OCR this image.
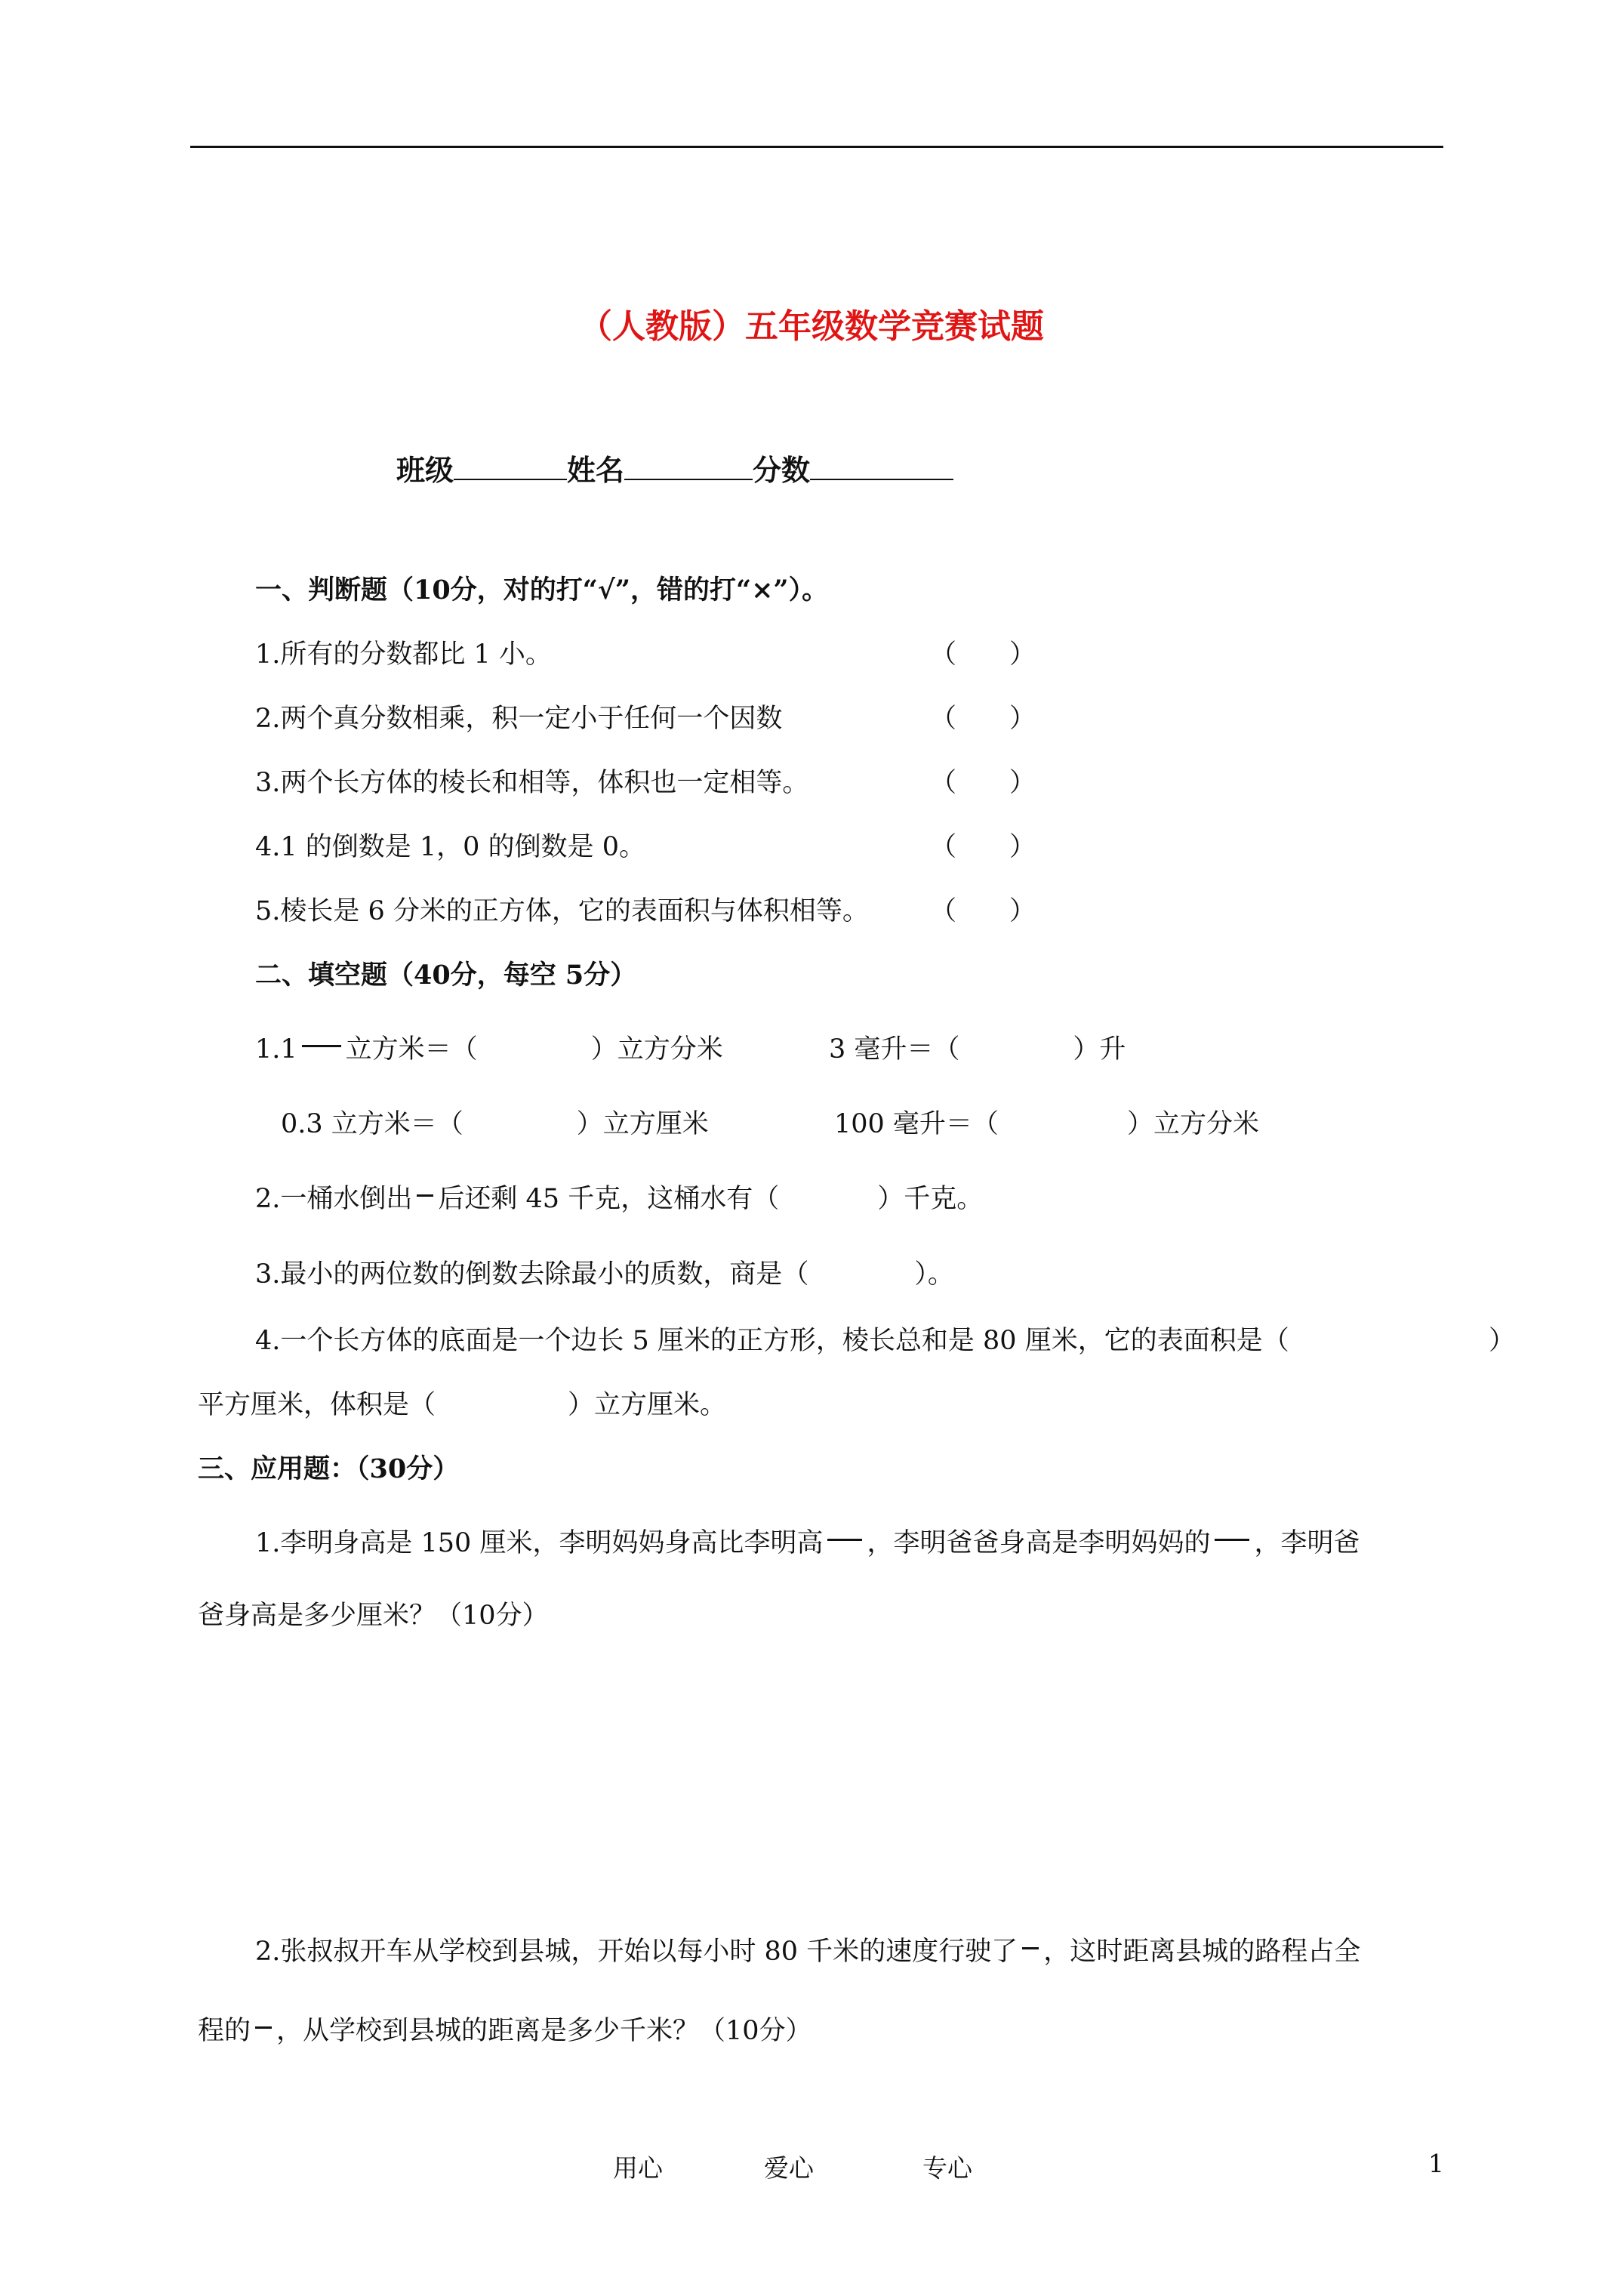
（人教版）五年级数学竞赛试题
班级	姓名	分数
一、判断题（10分，对的打“√”，错的打“×”）。
1.所有的分数都比 1 小。	（　　）
2.两个真分数相乘，积一定小于任何一个因数	（　　）
3.两个长方体的棱长和相等，体积也一定相等。	（　　）
4.1 的倒数是 1，0 的倒数是 0。	（　　）
5.棱长是 6 分米的正方体，它的表面积与体积相等。 （　　）
二、填空题（40分，每空 5分）
1.1 立方米＝（	）立方分米	3 毫升＝（	）升
0.3 立方米＝（	）立方厘米	100 毫升＝（	）立方分米
2.一桶水倒出 后还剩 45 千克，这桶水有（	）千克。
3.最小的两位数的倒数去除最小的质数，商是（　　　　）。
4.一个长方体的底面是一个边长 5 厘米的正方形，棱长总和是 80 厘米，它的表面积是（	）
平方厘米，体积是（　　　　　）立方厘米。
三、应用题：（30分）
1.李明身高是 150 厘米，李明妈妈身高比李明高 ，李明爸爸身高是李明妈妈的 ，李明爸
爸身高是多少厘米？（10分）
2.张叔叔开车从学校到县城，开始以每小时 80 千米的速度行驶了 ，这时距离县城的路程占全
程的 ，从学校到县城的距离是多少千米？（10分）
用心	爱心	专心	1
